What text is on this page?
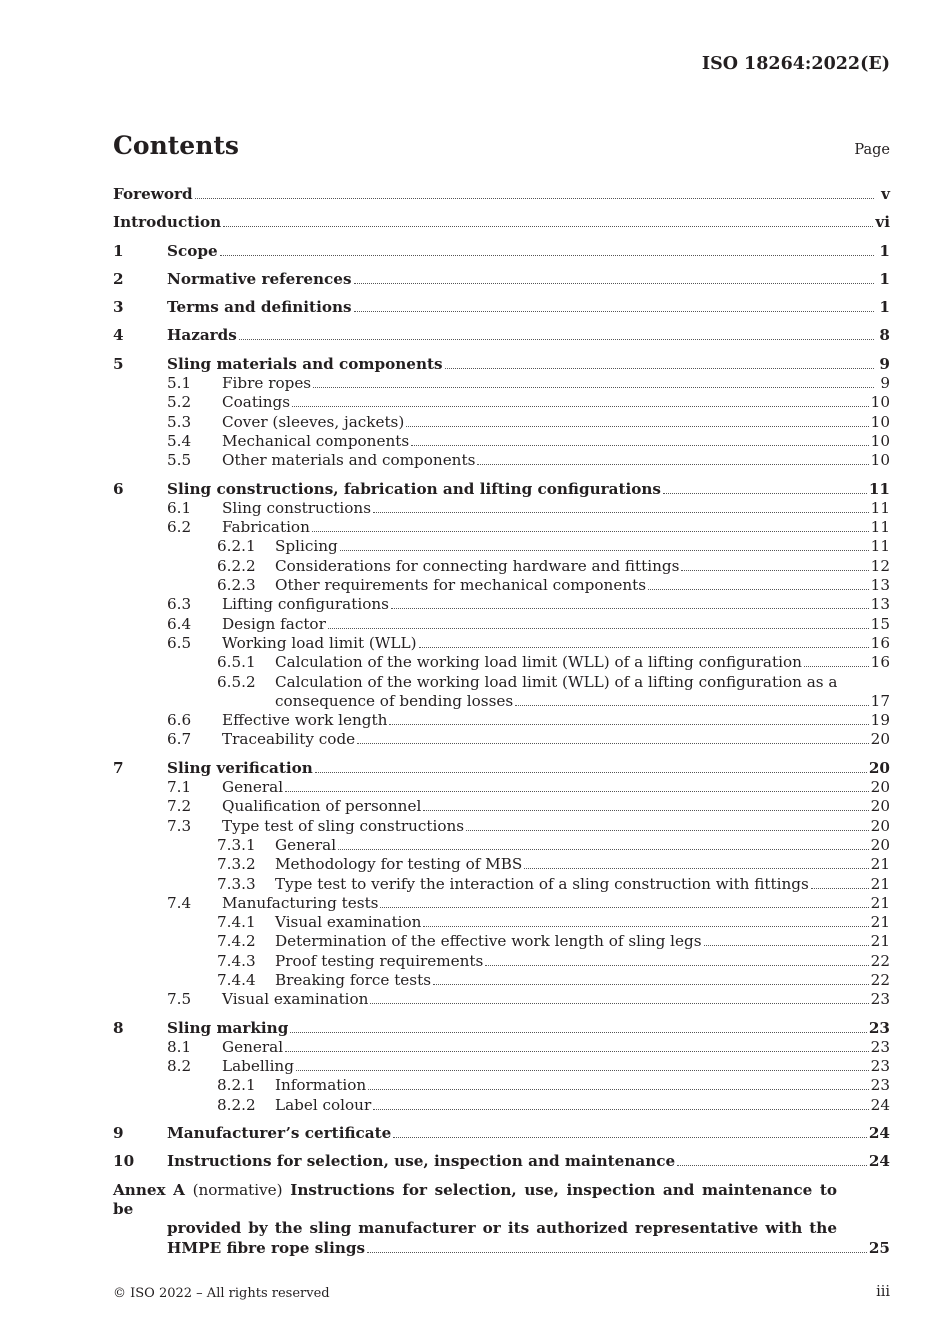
ISO 18264:2022(E)
Contents	Page
Foreword	v
Introduction	vi
1	Scope	1
2	Normative references	1
3	Terms and definitions	1
4	Hazards	8
5	Sling materials and components	9
5.1	Fibre ropes	9
5.2	Coatings	10
5.3	Cover (sleeves, jackets)	10
5.4	Mechanical components	10
5.5	Other materials and components	10
6	Sling constructions, fabrication and lifting configurations	11
6.1	Sling constructions	11
6.2	Fabrication	11
6.2.1	Splicing	11
6.2.2	Considerations for connecting hardware and fittings	12
6.2.3	Other requirements for mechanical components	13
6.3	Lifting configurations	13
6.4	Design factor	15
6.5	Working load limit (WLL)	16
6.5.1	Calculation of the working load limit (WLL) of a lifting configuration	16
6.5.2	Calculation of the working load limit (WLL) of a lifting configuration as a
consequence of bending losses	17
6.6	Effective work length	19
6.7	Traceability code	20
7	Sling verification	20
7.1	General	20
7.2	Qualification of personnel	20
7.3	Type test of sling constructions	20
7.3.1	General	20
7.3.2	Methodology for testing of MBS	21
7.3.3	Type test to verify the interaction of a sling construction with fittings	21
7.4	Manufacturing tests	21
7.4.1	Visual examination	21
7.4.2	Determination of the effective work length of sling legs	21
7.4.3	Proof testing requirements	22
7.4.4	Breaking force tests	22
7.5	Visual examination	23
8	Sling marking	23
8.1	General	23
8.2	Labelling	23
8.2.1	Information	23
8.2.2	Label colour	24
9	Manufacturer’s certificate	24
10	Instructions for selection, use, inspection and maintenance	24
Annex A (normative) Instructions for selection, use, inspection and maintenance to be
provided by the sling manufacturer or its authorized representative with the
HMPE fibre rope slings	25
© ISO 2022 – All rights reserved	iii
